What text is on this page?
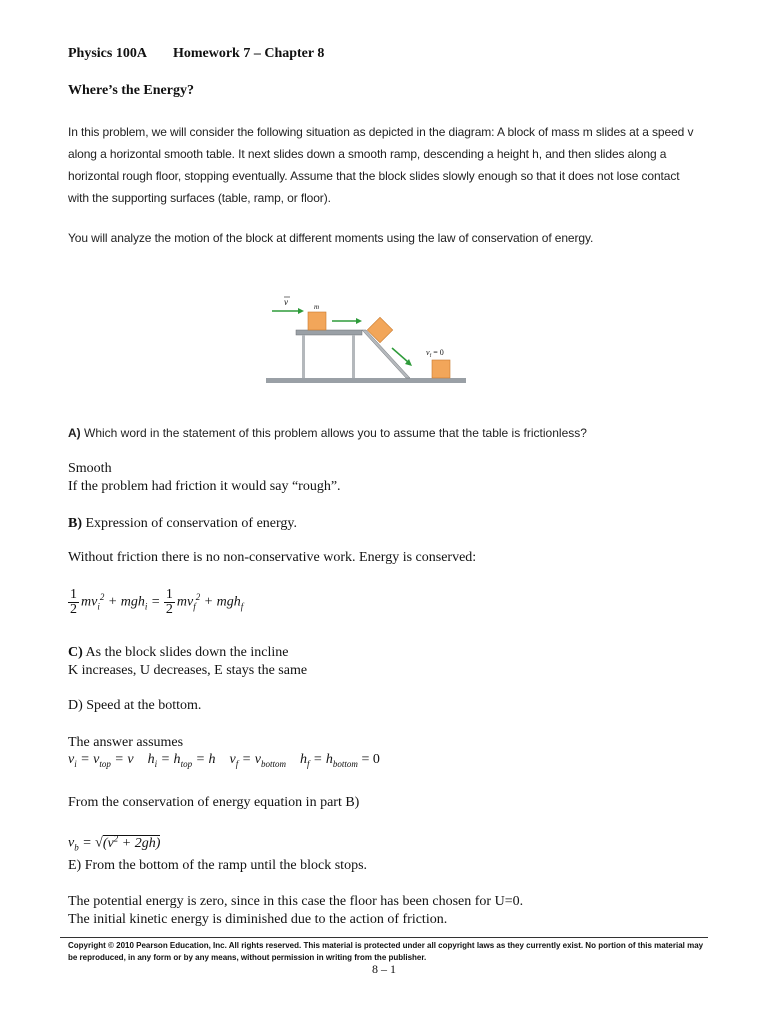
Physics 100A Homework 7 – Chapter 8
Where’s the Energy?
In this problem, we will consider the following situation as depicted in the diagram: A block of mass m slides at a speed v along a horizontal smooth table. It next slides down a smooth ramp, descending a height h, and then slides along a horizontal rough floor, stopping eventually. Assume that the block slides slowly enough so that it does not lose contact with the supporting surfaces (table, ramp, or floor).
You will analyze the motion of the block at different moments using the law of conservation of energy.
v	m
$v_f = 0$
A) Which word in the statement of this problem allows you to assume that the table is frictionless?
Smooth
If the problem had friction it would say “rough”.
B) Expression of conservation of energy.
Without friction there is no non-conservative work. Energy is conserved:
$\frac{1}{2} mv_i^2 + mgh_i = \frac{1}{2} mv_f^2 + mgh_f$
C) As the block slides down the incline
K increases, U decreases, E stays the same
D) Speed at the bottom.
The answer assumes
$v_i = v_{top} = v$    $h_i = h_{top} = h$    $v_f = v_{bottom}$    $h_f = h_{bottom} = 0$
From the conservation of energy equation in part B)
$v_b = √(v^2 + 2gh)$
E) From the bottom of the ramp until the block stops.
The potential energy is zero, since in this case the floor has been chosen for U=0.
The initial kinetic energy is diminished due to the action of friction.
Copyright © 2010 Pearson Education, Inc. All rights reserved. This material is protected under all copyright laws as they currently exist. No portion of this material may be reproduced, in any form or by any means, without permission in writing from the publisher.
8 – 1
